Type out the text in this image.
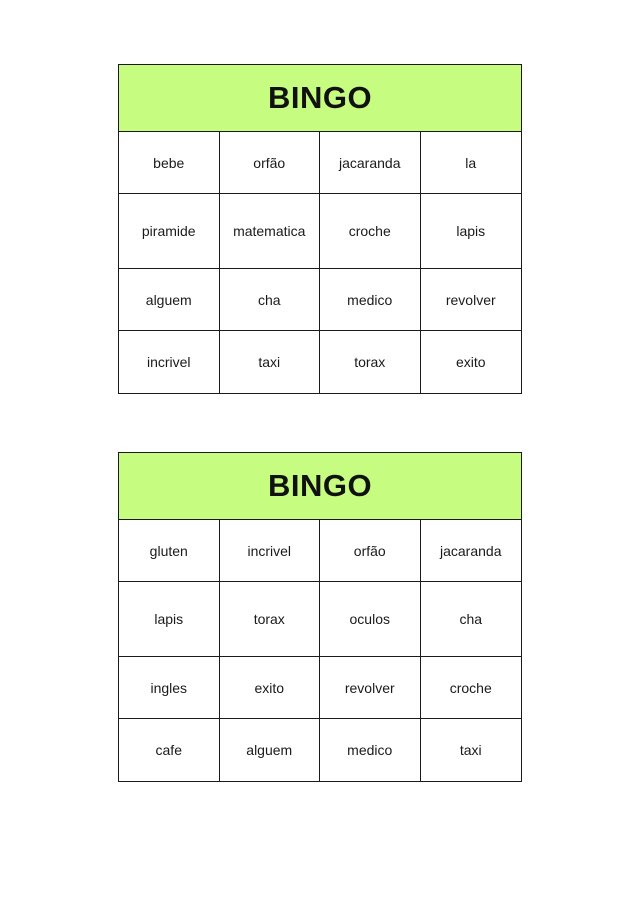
BINGO
bebe	orfão	jacaranda	la
piramide	matematica	croche	lapis
alguem	cha	medico	revolver
incrivel	taxi	torax	exito
BINGO
gluten	incrivel	orfão	jacaranda
lapis	torax	oculos	cha
ingles	exito	revolver	croche
cafe	alguem	medico	taxi
